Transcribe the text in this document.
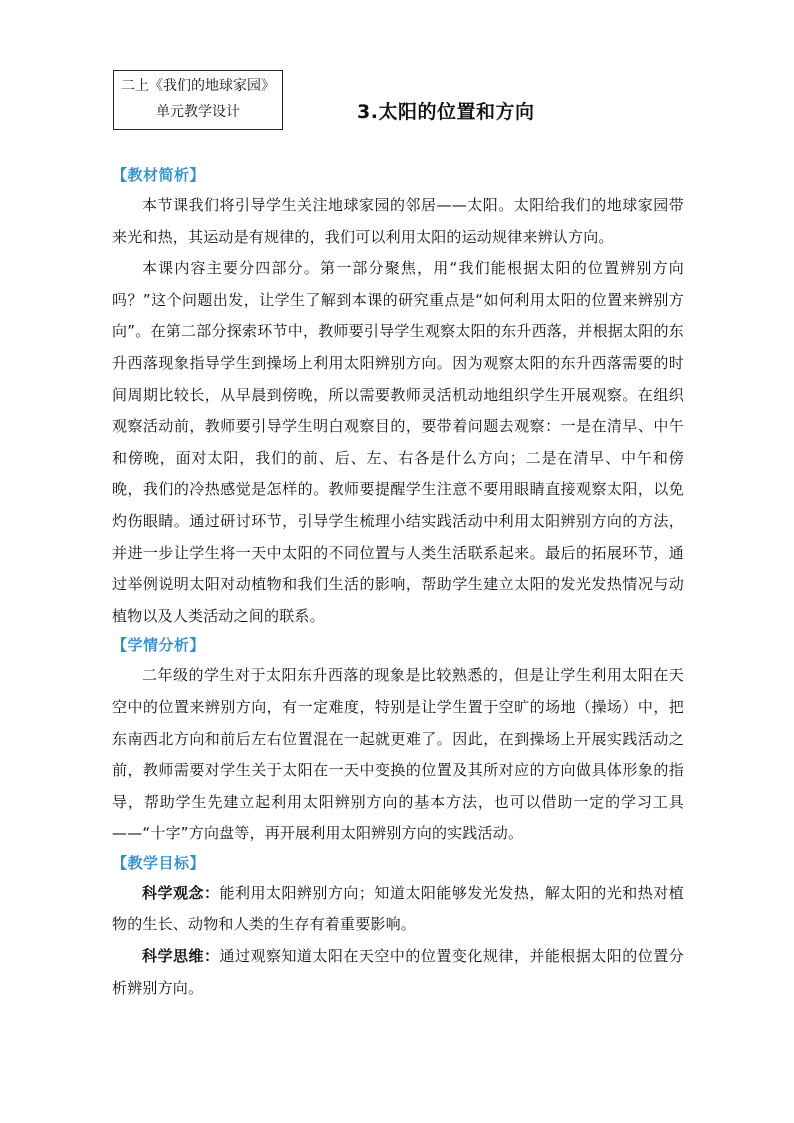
二上《我们的地球家园》
单元教学设计	3.太阳的位置和方向

【教材简析】

本节课我们将引导学生关注地球家园的邻居——太阳。太阳给我们的地球家园带来光和热，其运动是有规律的，我们可以利用太阳的运动规律来辨认方向。

本课内容主要分四部分。第一部分聚焦，用“我们能根据太阳的位置辨别方向吗？”这个问题出发，让学生了解到本课的研究重点是“如何利用太阳的位置来辨别方向”。在第二部分探索环节中，教师要引导学生观察太阳的东升西落，并根据太阳的东升西落现象指导学生到操场上利用太阳辨别方向。因为观察太阳的东升西落需要的时间周期比较长，从早晨到傍晚，所以需要教师灵活机动地组织学生开展观察。在组织观察活动前，教师要引导学生明白观察目的，要带着问题去观察：一是在清早、中午和傍晚，面对太阳，我们的前、后、左、右各是什么方向；二是在清早、中午和傍晚，我们的冷热感觉是怎样的。教师要提醒学生注意不要用眼睛直接观察太阳，以免灼伤眼睛。通过研讨环节，引导学生梳理小结实践活动中利用太阳辨别方向的方法，并进一步让学生将一天中太阳的不同位置与人类生活联系起来。最后的拓展环节，通过举例说明太阳对动植物和我们生活的影响，帮助学生建立太阳的发光发热情况与动植物以及人类活动之间的联系。

【学情分析】

二年级的学生对于太阳东升西落的现象是比较熟悉的，但是让学生利用太阳在天空中的位置来辨别方向，有一定难度，特别是让学生置于空旷的场地（操场）中，把东南西北方向和前后左右位置混在一起就更难了。因此，在到操场上开展实践活动之前，教师需要对学生关于太阳在一天中变换的位置及其所对应的方向做具体形象的指导，帮助学生先建立起利用太阳辨别方向的基本方法，也可以借助一定的学习工具——“十字”方向盘等，再开展利用太阳辨别方向的实践活动。

【教学目标】

科学观念：能利用太阳辨别方向；知道太阳能够发光发热，解太阳的光和热对植物的生长、动物和人类的生存有着重要影响。

科学思维：通过观察知道太阳在天空中的位置变化规律，并能根据太阳的位置分析辨别方向。
